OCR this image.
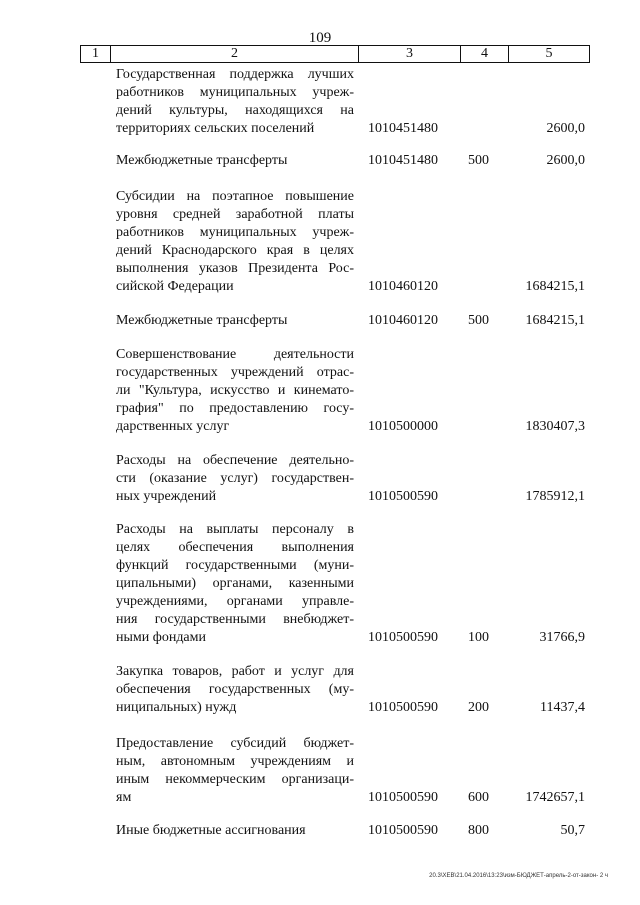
109
1	2	3	4	5
Государственная поддержка лучших
работников муниципальных учреж-
дений культуры, находящихся на
территориях сельских поселений	1010451480	2600,0
Межбюджетные трансферты	1010451480 500	2600,0
Субсидии на поэтапное повышение
уровня средней заработной платы
работников муниципальных учреж-
дений Краснодарского края в целях
выполнения указов Президента Рос-
сийской Федерации	1010460120	1684215,1
Межбюджетные трансферты	1010460120 500	1684215,1
Совершенствование деятельности
государственных учреждений отрас-
ли "Культура, искусство и кинемато-
графия" по предоставлению госу-
дарственных услуг	1010500000	1830407,3
Расходы на обеспечение деятельно-
сти (оказание услуг) государствен-
ных учреждений	1010500590	1785912,1
Расходы на выплаты персоналу в
целях обеспечения выполнения
функций государственными (муни-
ципальными) органами, казенными
учреждениями, органами управле-
ния государственными внебюджет-
ными фондами	1010500590 100	31766,9
Закупка товаров, работ и услуг для
обеспечения государственных (му-
ниципальных) нужд	1010500590 200	11437,4
Предоставление субсидий бюджет-
ным, автономным учреждениям и
иным некоммерческим организаци-
ям	1010500590 600	1742657,1
Иные бюджетные ассигнования	1010500590 800	50,7
20.3\ХЕВ\21.04.2016\13:23\изм-БЮДЖЕТ-апрель-2-от-закон- 2 ч
